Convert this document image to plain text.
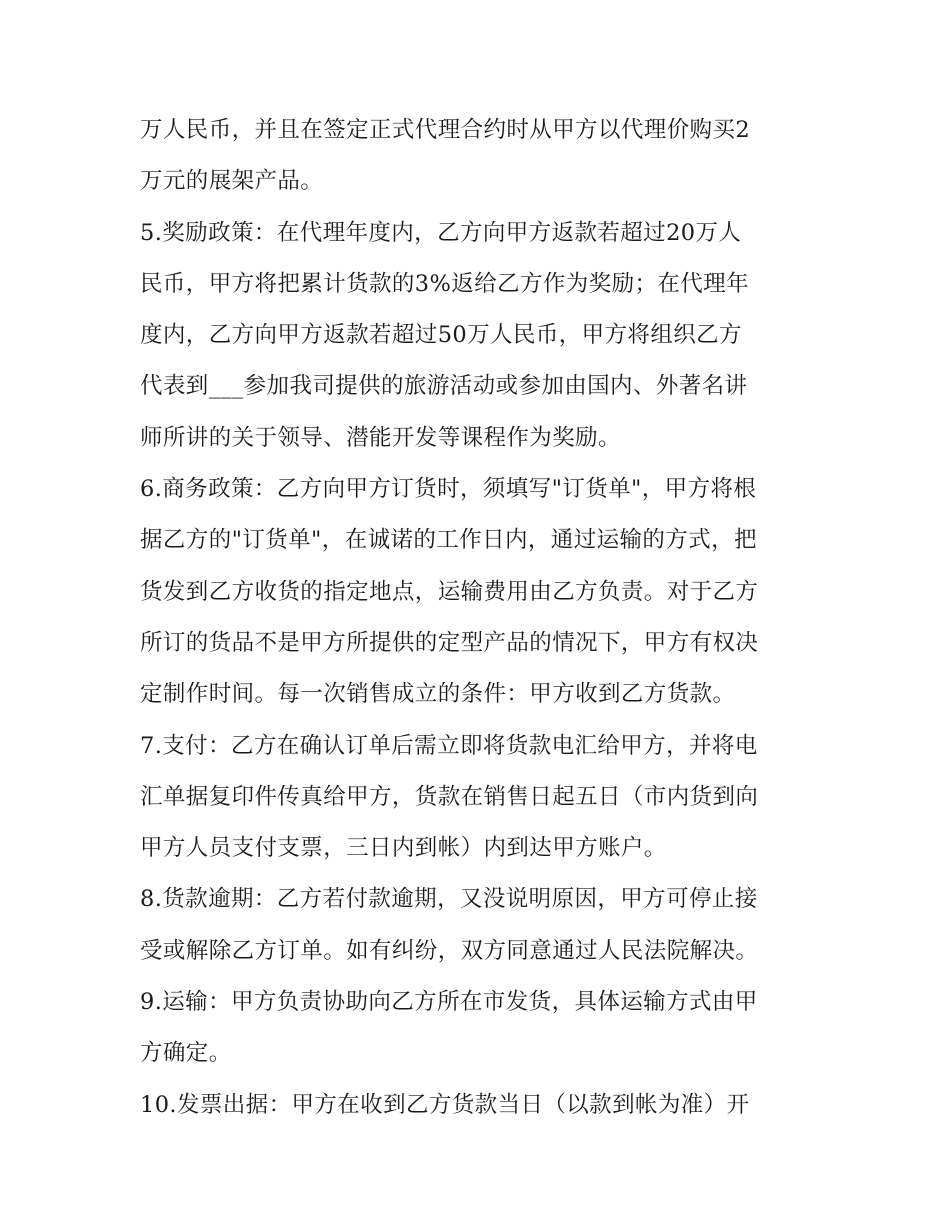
万人民币，并且在签定正式代理合约时从甲方以代理价购买2
万元的展架产品。
5.奖励政策：在代理年度内，乙方向甲方返款若超过20万人
民币，甲方将把累计货款的3%返给乙方作为奖励；在代理年
度内，乙方向甲方返款若超过50万人民币，甲方将组织乙方
代表到___参加我司提供的旅游活动或参加由国内、外著名讲
师所讲的关于领导、潜能开发等课程作为奖励。
6.商务政策：乙方向甲方订货时，须填写"订货单"，甲方将根
据乙方的"订货单"，在诚诺的工作日内，通过运输的方式，把
货发到乙方收货的指定地点，运输费用由乙方负责。对于乙方
所订的货品不是甲方所提供的定型产品的情况下，甲方有权决
定制作时间。每一次销售成立的条件：甲方收到乙方货款。
7.支付：乙方在确认订单后需立即将货款电汇给甲方，并将电
汇单据复印件传真给甲方，货款在销售日起五日（市内货到向
甲方人员支付支票，三日内到帐）内到达甲方账户。
8.货款逾期：乙方若付款逾期，又没说明原因，甲方可停止接
受或解除乙方订单。如有纠纷，双方同意通过人民法院解决。
9.运输：甲方负责协助向乙方所在市发货，具体运输方式由甲
方确定。
10.发票出据：甲方在收到乙方货款当日（以款到帐为准）开
